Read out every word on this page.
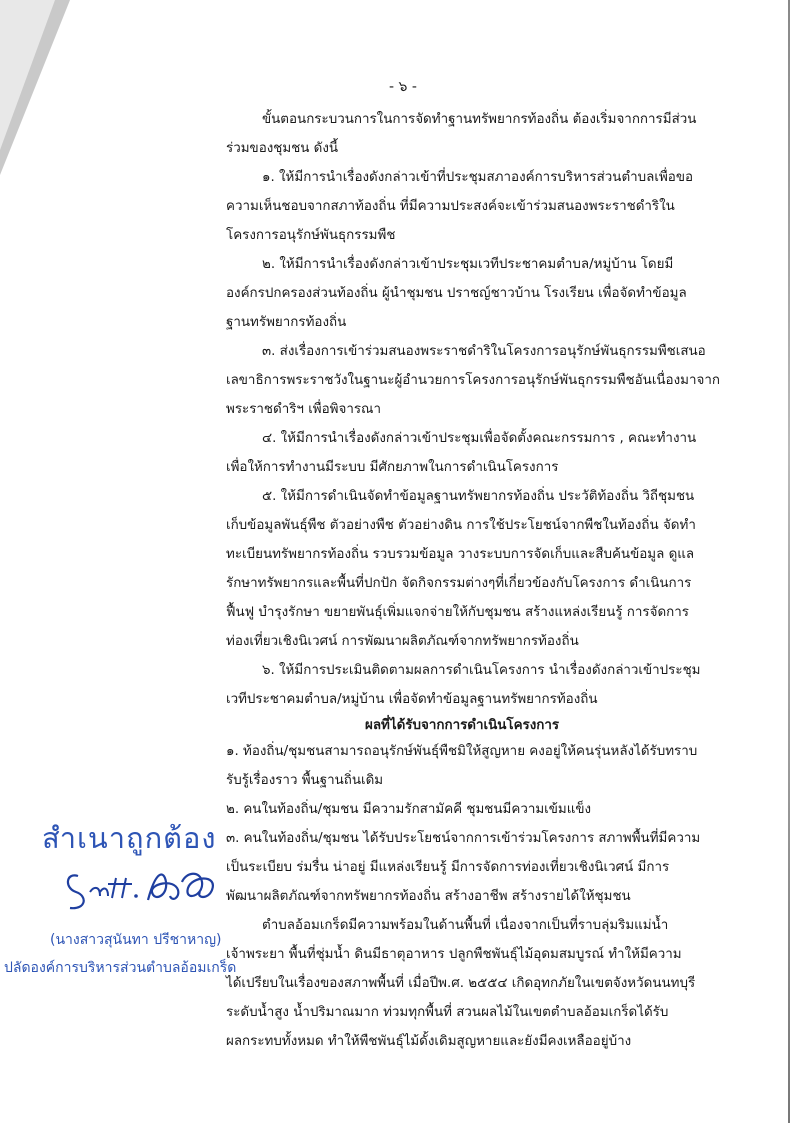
- ๖ -
ขั้นตอนกระบวนการในการจัดทำฐานทรัพยากรท้องถิ่น ต้องเริ่มจากการมีส่วน
ร่วมของชุมชน ดังนี้
๑. ให้มีการนำเรื่องดังกล่าวเข้าที่ประชุมสภาองค์การบริหารส่วนตำบลเพื่อขอ
ความเห็นชอบจากสภาท้องถิ่น ที่มีความประสงค์จะเข้าร่วมสนองพระราชดำริใน
โครงการอนุรักษ์พันธุกรรมพืช
๒. ให้มีการนำเรื่องดังกล่าวเข้าประชุมเวทีประชาคมตำบล/หมู่บ้าน โดยมี
องค์กรปกครองส่วนท้องถิ่น ผู้นำชุมชน ปราชญ์ชาวบ้าน โรงเรียน เพื่อจัดทำข้อมูล
ฐานทรัพยากรท้องถิ่น
๓. ส่งเรื่องการเข้าร่วมสนองพระราชดำริในโครงการอนุรักษ์พันธุกรรมพืชเสนอ
เลขาธิการพระราชวังในฐานะผู้อำนวยการโครงการอนุรักษ์พันธุกรรมพืชอันเนื่องมาจาก
พระราชดำริฯ เพื่อพิจารณา
๔. ให้มีการนำเรื่องดังกล่าวเข้าประชุมเพื่อจัดตั้งคณะกรรมการ , คณะทำงาน
เพื่อให้การทำงานมีระบบ มีศักยภาพในการดำเนินโครงการ
๕. ให้มีการดำเนินจัดทำข้อมูลฐานทรัพยากรท้องถิ่น ประวัติท้องถิ่น วิถีชุมชน
เก็บข้อมูลพันธุ์พืช ตัวอย่างพืช ตัวอย่างดิน การใช้ประโยชน์จากพืชในท้องถิ่น จัดทำ
ทะเบียนทรัพยากรท้องถิ่น รวบรวมข้อมูล วางระบบการจัดเก็บและสืบค้นข้อมูล ดูแล
รักษาทรัพยากรและพื้นที่ปกปัก จัดกิจกรรมต่างๆที่เกี่ยวข้องกับโครงการ ดำเนินการ
ฟื้นฟู บำรุงรักษา ขยายพันธุ์เพิ่มแจกจ่ายให้กับชุมชน สร้างแหล่งเรียนรู้ การจัดการ
ท่องเที่ยวเชิงนิเวศน์ การพัฒนาผลิตภัณฑ์จากทรัพยากรท้องถิ่น
๖. ให้มีการประเมินติดตามผลการดำเนินโครงการ นำเรื่องดังกล่าวเข้าประชุม
เวทีประชาคมตำบล/หมู่บ้าน เพื่อจัดทำข้อมูลฐานทรัพยากรท้องถิ่น
ผลที่ได้รับจากการดำเนินโครงการ
๑. ท้องถิ่น/ชุมชนสามารถอนุรักษ์พันธุ์พืชมิให้สูญหาย คงอยู่ให้คนรุ่นหลังได้รับทราบ
รับรู้เรื่องราว พื้นฐานถิ่นเดิม
๒. คนในท้องถิ่น/ชุมชน มีความรักสามัคคี ชุมชนมีความเข้มแข็ง
๓. คนในท้องถิ่น/ชุมชน ได้รับประโยชน์จากการเข้าร่วมโครงการ สภาพพื้นที่มีความ
เป็นระเบียบ ร่มรื่น น่าอยู่ มีแหล่งเรียนรู้ มีการจัดการท่องเที่ยวเชิงนิเวศน์ มีการ
พัฒนาผลิตภัณฑ์จากทรัพยากรท้องถิ่น สร้างอาชีพ สร้างรายได้ให้ชุมชน
ตำบลอ้อมเกร็ดมีความพร้อมในด้านพื้นที่ เนื่องจากเป็นที่ราบลุ่มริมแม่น้ำ
เจ้าพระยา พื้นที่ชุ่มน้ำ ดินมีธาตุอาหาร ปลูกพืชพันธุ์ไม้อุดมสมบูรณ์ ทำให้มีความ
ได้เปรียบในเรื่องของสภาพพื้นที่ เมื่อปีพ.ศ. ๒๕๕๔ เกิดอุทกภัยในเขตจังหวัดนนทบุรี
ระดับน้ำสูง น้ำปริมาณมาก ท่วมทุกพื้นที่ สวนผลไม้ในเขตตำบลอ้อมเกร็ดได้รับ
ผลกระทบทั้งหมด ทำให้พืชพันธุ์ไม้ดั้งเดิมสูญหายและยังมีคงเหลืออยู่บ้าง
สำเนาถูกต้อง
(นางสาวสุนันทา ปรีชาหาญ)
ปลัดองค์การบริหารส่วนตำบลอ้อมเกร็ด
